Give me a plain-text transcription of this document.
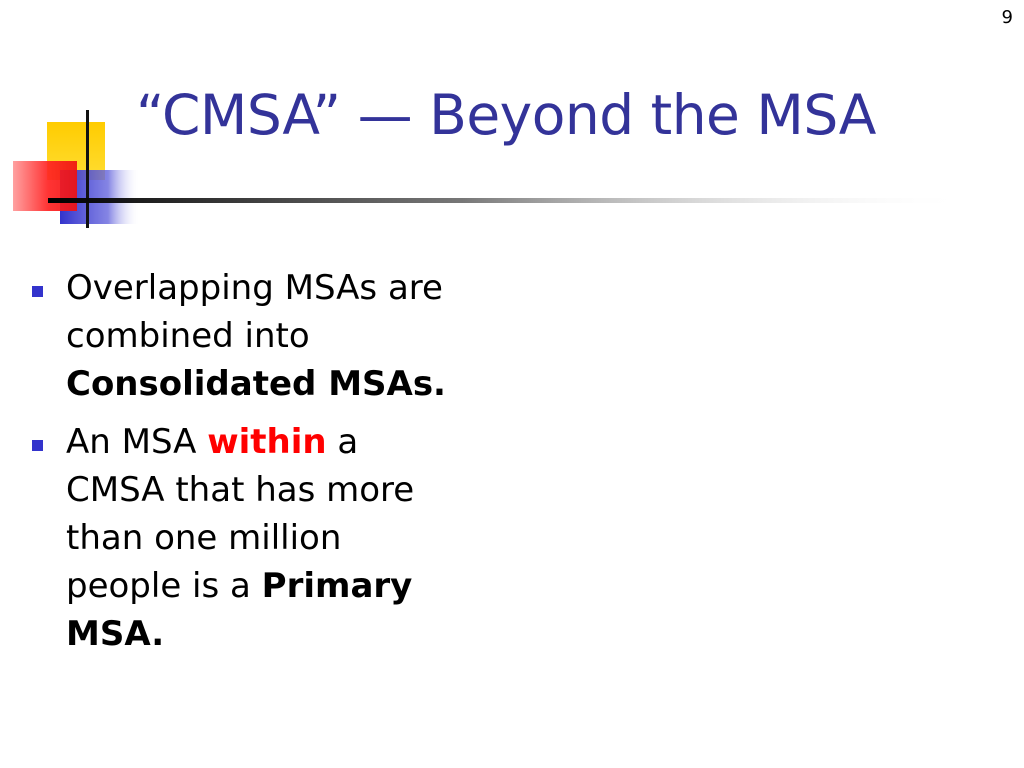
9
“CMSA” — Beyond the MSA
Overlapping MSAs are combined into Consolidated MSAs.
An MSA within a CMSA that has more than one million people is a Primary MSA.
